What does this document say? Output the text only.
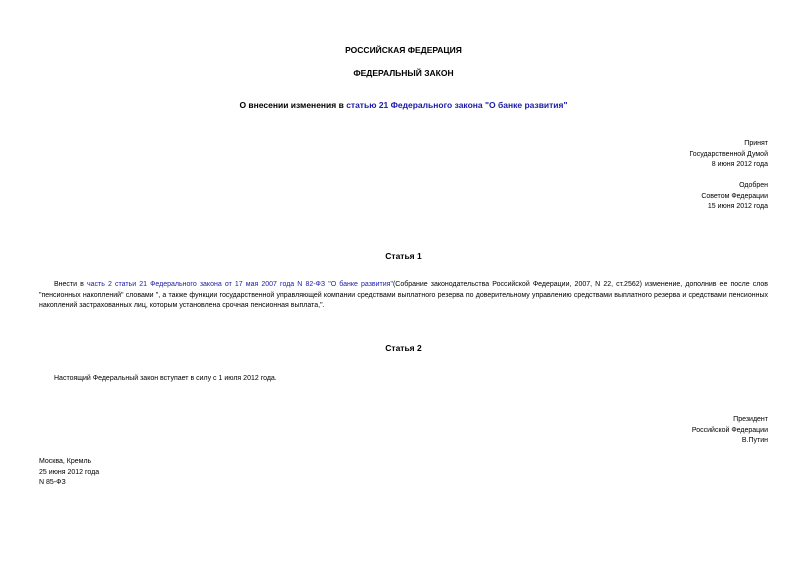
РОССИЙСКАЯ ФЕДЕРАЦИЯ
ФЕДЕРАЛЬНЫЙ ЗАКОН
О внесении изменения в статью 21 Федерального закона "О банке развития"
Принят
Государственной Думой
8 июня 2012 года
Одобрен
Советом Федерации
15 июня 2012 года
Статья 1
Внести в часть 2 статьи 21 Федерального закона от 17 мая 2007 года N 82-ФЗ "О банке развития"(Собрание законодательства Российской Федерации, 2007, N 22, ст.2562) изменение, дополнив ее после слов "пенсионных накоплений" словами ", а также функции государственной управляющей компании средствами выплатного резерва по доверительному управлению средствами выплатного резерва и средствами пенсионных накоплений застрахованных лиц, которым установлена срочная пенсионная выплата,".
Статья 2
Настоящий Федеральный закон вступает в силу с 1 июля 2012 года.
Президент
Российской Федерации
В.Путин
Москва, Кремль
25 июня 2012 года
N 85-ФЗ
